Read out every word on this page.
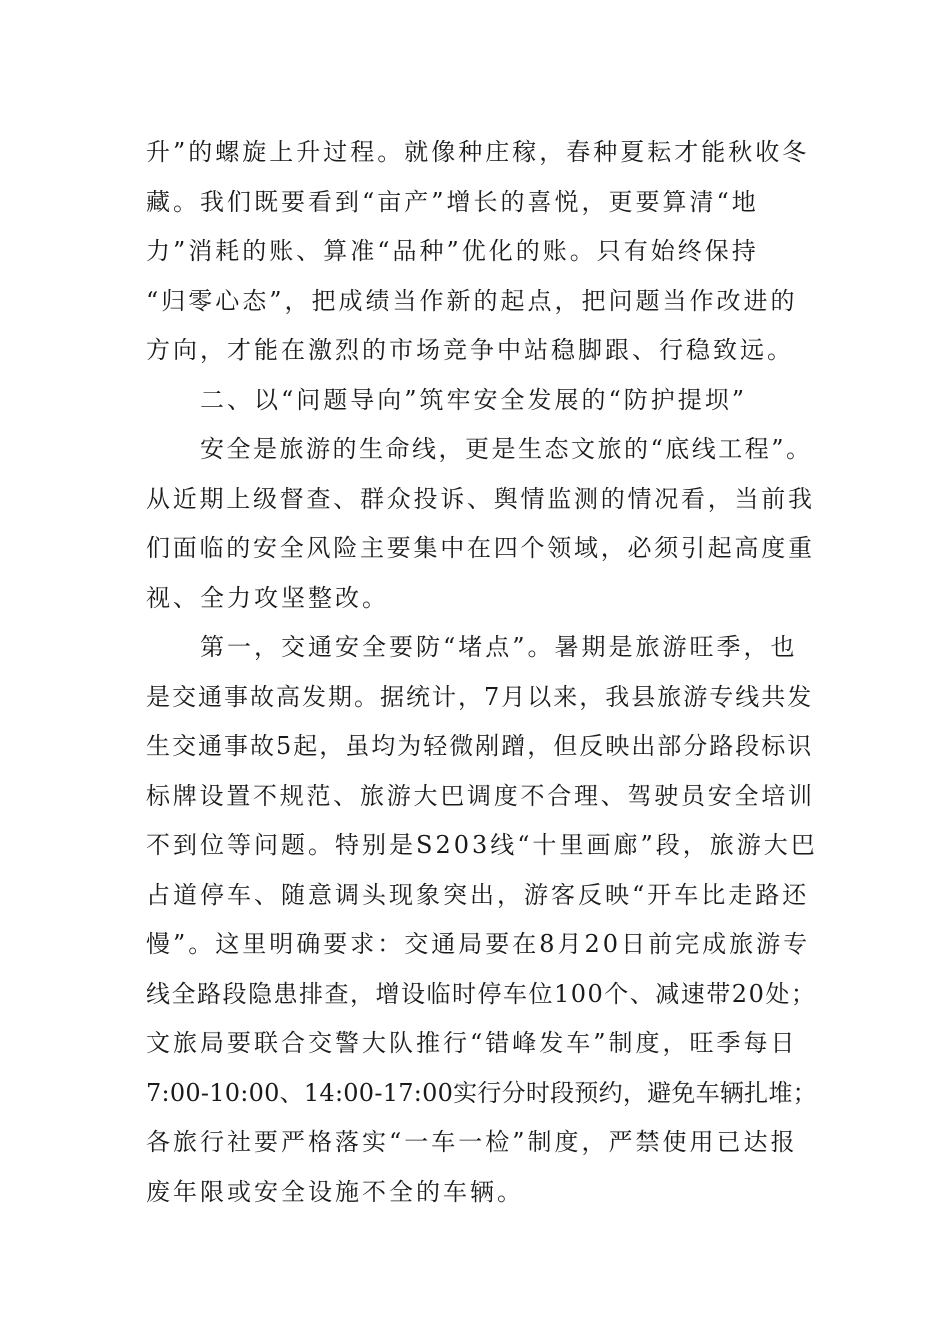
升”的螺旋上升过程。就像种庄稼，春种夏耘才能秋收冬
藏。我们既要看到“亩产”增长的喜悦，更要算清“地
力”消耗的账、算准“品种”优化的账。只有始终保持
“归零心态”，把成绩当作新的起点，把问题当作改进的
方向，才能在激烈的市场竞争中站稳脚跟、行稳致远。
二、以“问题导向”筑牢安全发展的“防护提坝”
安全是旅游的生命线，更是生态文旅的“底线工程”。
从近期上级督查、群众投诉、舆情监测的情况看，当前我
们面临的安全风险主要集中在四个领域，必须引起高度重
视、全力攻坚整改。
第一，交通安全要防“堵点”。暑期是旅游旺季，也
是交通事故高发期。据统计，7月以来，我县旅游专线共发
生交通事故5起，虽均为轻微剐蹭，但反映出部分路段标识
标牌设置不规范、旅游大巴调度不合理、驾驶员安全培训
不到位等问题。特别是S203线“十里画廊”段，旅游大巴
占道停车、随意调头现象突出，游客反映“开车比走路还
慢”。这里明确要求：交通局要在8月20日前完成旅游专
线全路段隐患排查，增设临时停车位100个、减速带20处；
文旅局要联合交警大队推行“错峰发车”制度，旺季每日
7:00-10:00、14:00-17:00实行分时段预约，避免车辆扎堆；
各旅行社要严格落实“一车一检”制度，严禁使用已达报
废年限或安全设施不全的车辆。
